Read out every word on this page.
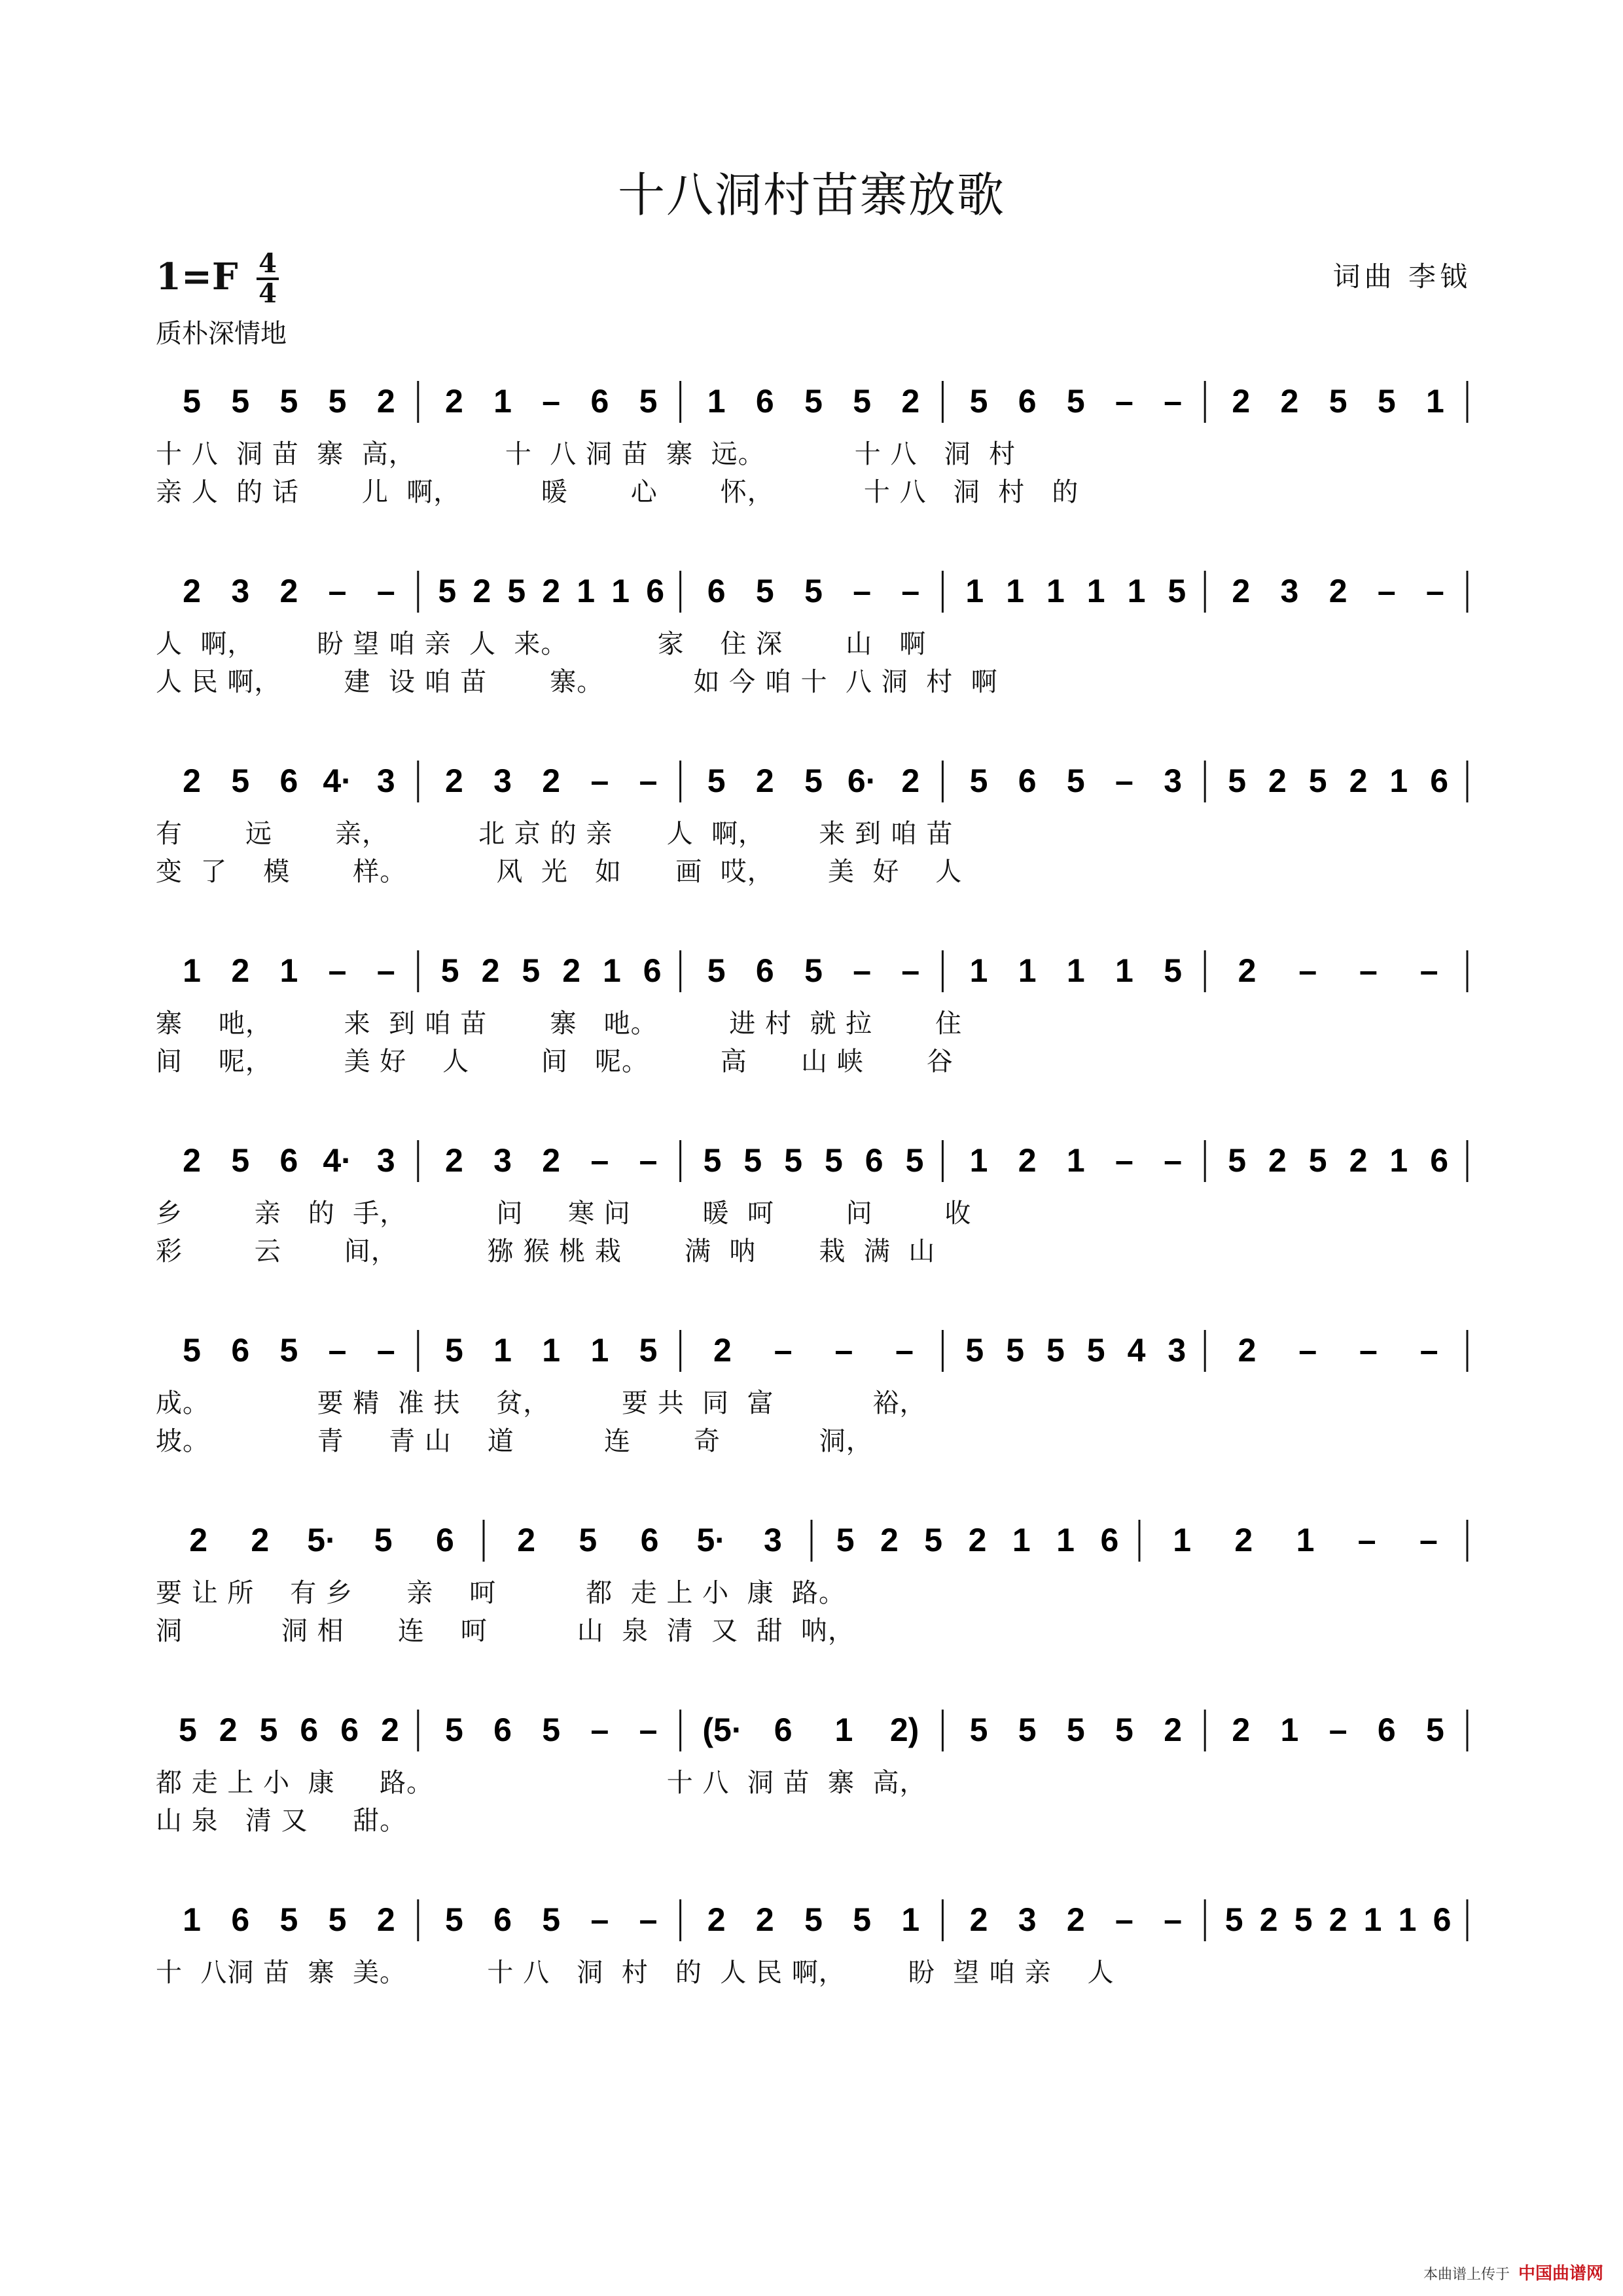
十八洞村苗寨放歌
1=F 4
4
质朴深情地
词曲 李钺
5 5 5 5 2 2 1 – 6 5 1 6 5 5 2 5 6 5 – – 2 2 5 5 1
十 八  洞 苗  寨  高，          十  八 洞 苗  寨  远。          十 八   洞  村
亲 人  的 话       儿  啊，         暖       心       怀，          十 八   洞  村   的
2 3 2 – – 5 2 5 2 1 1 6 6 5 5 – – 1 1 1 1 1 5 2 3 2 – –
人  啊，       盼 望 咱 亲  人  来。          家    住 深       山   啊
人 民 啊，       建  设 咱 苗       寨。          如 今 咱 十  八 洞  村  啊
2 5 6 4· 3 2 3 2 – – 5 2 5 6· 2 5 6 5 – 3 5 2 5 2 1 6
有       远       亲，          北 京 的 亲      人  啊，      来 到 咱 苗
变  了    模       样。          风  光   如      画  哎，      美  好    人
1 2 1 – – 5 2 5 2 1 6 5 6 5 – – 1 1 1 1 5 2 – – –
寨    吔，        来  到 咱 苗       寨   吔。        进 村  就 拉       住
间    呢，        美 好    人        间   呢。        高      山 峡       谷
2 5 6 4· 3 2 3 2 – – 5 5 5 5 6 5 1 2 1 – – 5 2 5 2 1 6
乡        亲   的  手，          问     寒 问        暖  呵        问        收
彩        云       间，          猕 猴 桃 栽       满  呐       栽  满  山
5 6 5 – – 5 1 1 1 5 2 – – – 5 5 5 5 4 3 2 – – –
成。            要 精  准 扶    贫，        要 共  同  富           裕，
坡。            青     青 山    道          连       奇           洞，
2 2 5· 5 6 2 5 6 5· 3 5 2 5 2 1 1 6 1 2 1 – –
要 让 所    有 乡      亲    呵          都  走 上 小  康  路。
洞           洞 相      连    呵          山  泉  清  又  甜  呐，
5 2 5 6 6 2 5 6 5 – – (5· 6 1 2) 5 5 5 5 2 2 1 – 6 5
都 走 上 小  康     路。                          十 八  洞 苗  寨  高，
山 泉   清 又     甜。
1 6 5 5 2 5 6 5 – – 2 2 5 5 1 2 3 2 – – 5 2 5 2 1 1 6
十  八洞 苗  寨  美。         十 八   洞  村   的  人 民 啊，       盼  望 咱 亲    人
本曲谱上传于 中国曲谱网
